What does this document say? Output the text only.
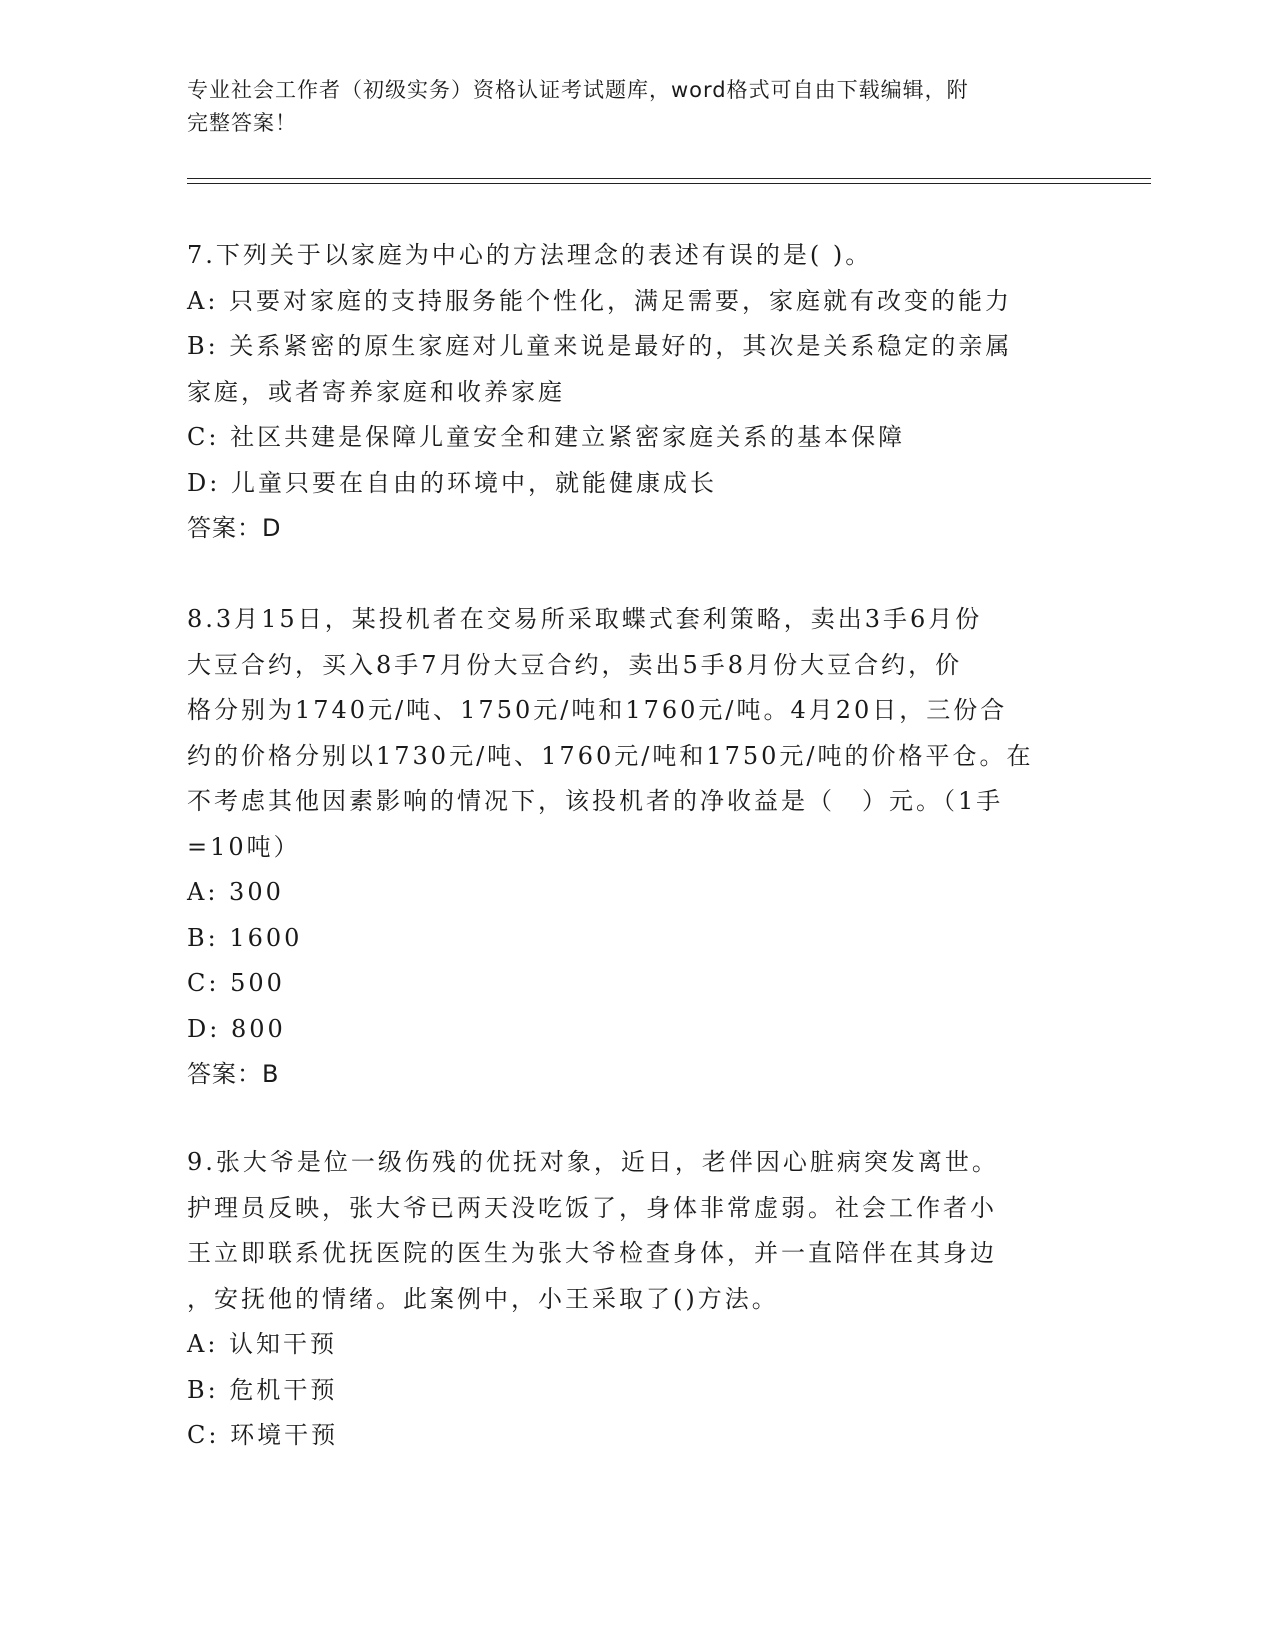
专业社会工作者（初级实务）资格认证考试题库，word格式可自由下载编辑，附
完整答案！

7.下列关于以家庭为中心的方法理念的表述有误的是( )。

A: 只要对家庭的支持服务能个性化，满足需要，家庭就有改变的能力

B: 关系紧密的原生家庭对儿童来说是最好的，其次是关系稳定的亲属

家庭，或者寄养家庭和收养家庭

C: 社区共建是保障儿童安全和建立紧密家庭关系的基本保障

D: 儿童只要在自由的环境中，就能健康成长

答案：D

8.3月15日，某投机者在交易所采取蝶式套利策略，卖出3手6月份

大豆合约，买入8手7月份大豆合约，卖出5手8月份大豆合约，价

格分别为1740元/吨、1750元/吨和1760元/吨。4月20日，三份合

约的价格分别以1730元/吨、1760元/吨和1750元/吨的价格平仓。在

不考虑其他因素影响的情况下，该投机者的净收益是（　）元。（1手

=10吨）

A: 300

B: 1600

C: 500

D: 800

答案：B

9.张大爷是位一级伤残的优抚对象，近日，老伴因心脏病突发离世。

护理员反映，张大爷已两天没吃饭了，身体非常虚弱。社会工作者小

王立即联系优抚医院的医生为张大爷检查身体，并一直陪伴在其身边

，安抚他的情绪。此案例中，小王采取了()方法。

A: 认知干预

B: 危机干预

C: 环境干预
